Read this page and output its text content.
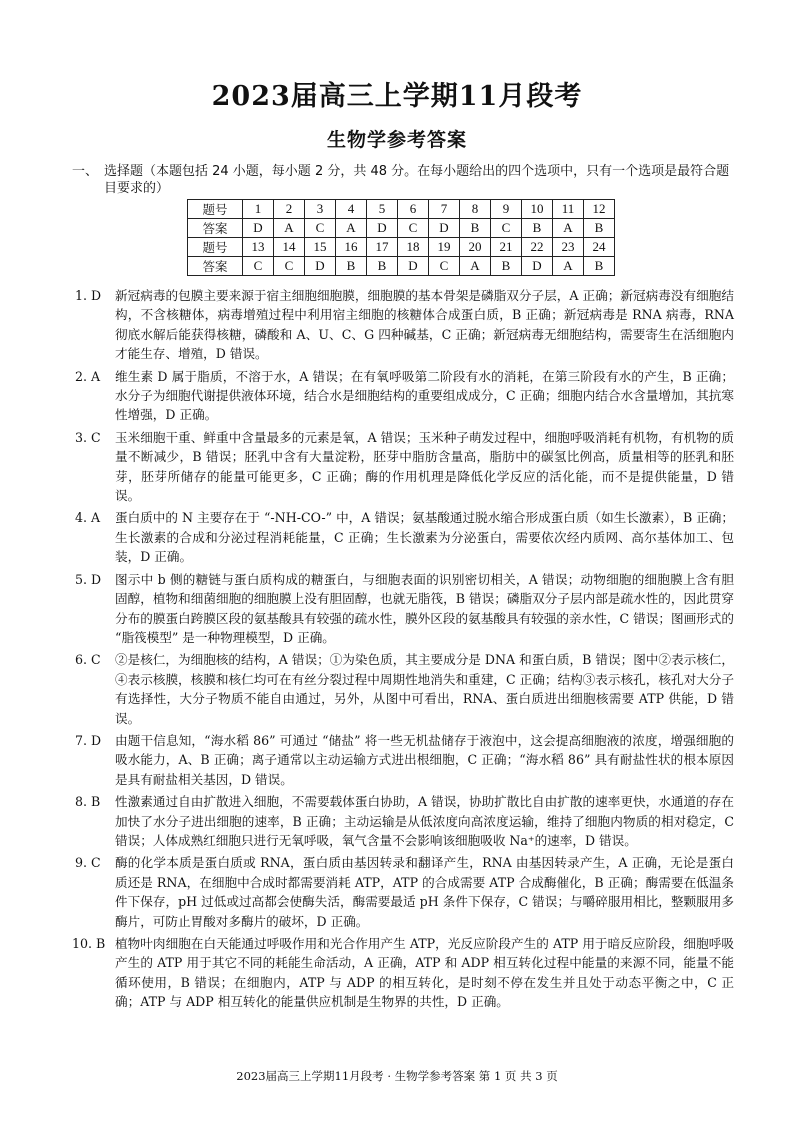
2023届高三上学期11月段考
生物学参考答案
一、 选择题（本题包括 24 小题，每小题 2 分，共 48 分。在每小题给出的四个选项中，只有一个选项是最符合题目要求的）
题号	1	2	3	4	5	6	7	8	9	10	11	12
答案	D	A	C	A	D	C	D	B	C	B	A	B
题号	13	14	15	16	17	18	19	20	21	22	23	24
答案	C	C	D	B	B	D	C	A	B	D	A	B
1. D 新冠病毒的包膜主要来源于宿主细胞细胞膜，细胞膜的基本骨架是磷脂双分子层，A 正确；新冠病毒没有细胞结构，不含核糖体，病毒增殖过程中利用宿主细胞的核糖体合成蛋白质，B 正确；新冠病毒是 RNA 病毒，RNA 彻底水解后能获得核糖，磷酸和 A、U、C、G 四种碱基，C 正确；新冠病毒无细胞结构，需要寄生在活细胞内才能生存、增殖，D 错误。
2. A 维生素 D 属于脂质，不溶于水，A 错误；在有氧呼吸第二阶段有水的消耗，在第三阶段有水的产生，B 正确；水分子为细胞代谢提供液体环境，结合水是细胞结构的重要组成成分，C 正确；细胞内结合水含量增加，其抗寒性增强，D 正确。
3. C 玉米细胞干重、鲜重中含量最多的元素是氧，A 错误；玉米种子萌发过程中，细胞呼吸消耗有机物，有机物的质量不断减少，B 错误；胚乳中含有大量淀粉，胚芽中脂肪含量高，脂肪中的碳氢比例高，质量相等的胚乳和胚芽，胚芽所储存的能量可能更多，C 正确；酶的作用机理是降低化学反应的活化能，而不是提供能量，D 错误。
4. A 蛋白质中的 N 主要存在于 “-NH-CO-” 中，A 错误；氨基酸通过脱水缩合形成蛋白质（如生长激素），B 正确；生长激素的合成和分泌过程消耗能量，C 正确；生长激素为分泌蛋白，需要依次经内质网、高尔基体加工、包装，D 正确。
5. D 图示中 b 侧的糖链与蛋白质构成的糖蛋白，与细胞表面的识别密切相关，A 错误；动物细胞的细胞膜上含有胆固醇，植物和细菌细胞的细胞膜上没有胆固醇，也就无脂筏，B 错误；磷脂双分子层内部是疏水性的，因此贯穿分布的膜蛋白跨膜区段的氨基酸具有较强的疏水性，膜外区段的氨基酸具有较强的亲水性，C 错误；图画形式的 “脂筏模型” 是一种物理模型，D 正确。
6. C ②是核仁，为细胞核的结构，A 错误；①为染色质，其主要成分是 DNA 和蛋白质，B 错误；图中②表示核仁，④表示核膜，核膜和核仁均可在有丝分裂过程中周期性地消失和重建，C 正确；结构③表示核孔，核孔对大分子有选择性，大分子物质不能自由通过，另外，从图中可看出，RNA、蛋白质进出细胞核需要 ATP 供能，D 错误。
7. D 由题干信息知，“海水稻 86” 可通过 “储盐” 将一些无机盐储存于液泡中，这会提高细胞液的浓度，增强细胞的吸水能力，A、B 正确；离子通常以主动运输方式进出根细胞，C 正确；“海水稻 86” 具有耐盐性状的根本原因是具有耐盐相关基因，D 错误。
8. B 性激素通过自由扩散进入细胞，不需要载体蛋白协助，A 错误，协助扩散比自由扩散的速率更快，水通道的存在加快了水分子进出细胞的速率，B 正确；主动运输是从低浓度向高浓度运输，维持了细胞内物质的相对稳定，C 错误；人体成熟红细胞只进行无氧呼吸，氧气含量不会影响该细胞吸收 Na⁺的速率，D 错误。
9. C 酶的化学本质是蛋白质或 RNA，蛋白质由基因转录和翻译产生，RNA 由基因转录产生，A 正确，无论是蛋白质还是 RNA，在细胞中合成时都需要消耗 ATP，ATP 的合成需要 ATP 合成酶催化，B 正确；酶需要在低温条件下保存，pH 过低或过高都会使酶失活，酶需要最适 pH 条件下保存，C 错误；与嚼碎服用相比，整颗服用多酶片，可防止胃酸对多酶片的破坏，D 正确。
10. B 植物叶肉细胞在白天能通过呼吸作用和光合作用产生 ATP，光反应阶段产生的 ATP 用于暗反应阶段，细胞呼吸产生的 ATP 用于其它不同的耗能生命活动，A 正确，ATP 和 ADP 相互转化过程中能量的来源不同，能量不能循环使用，B 错误；在细胞内，ATP 与 ADP 的相互转化，是时刻不停在发生并且处于动态平衡之中，C 正确；ATP 与 ADP 相互转化的能量供应机制是生物界的共性，D 正确。
2023届高三上学期11月段考 · 生物学参考答案 第 1 页 共 3 页
